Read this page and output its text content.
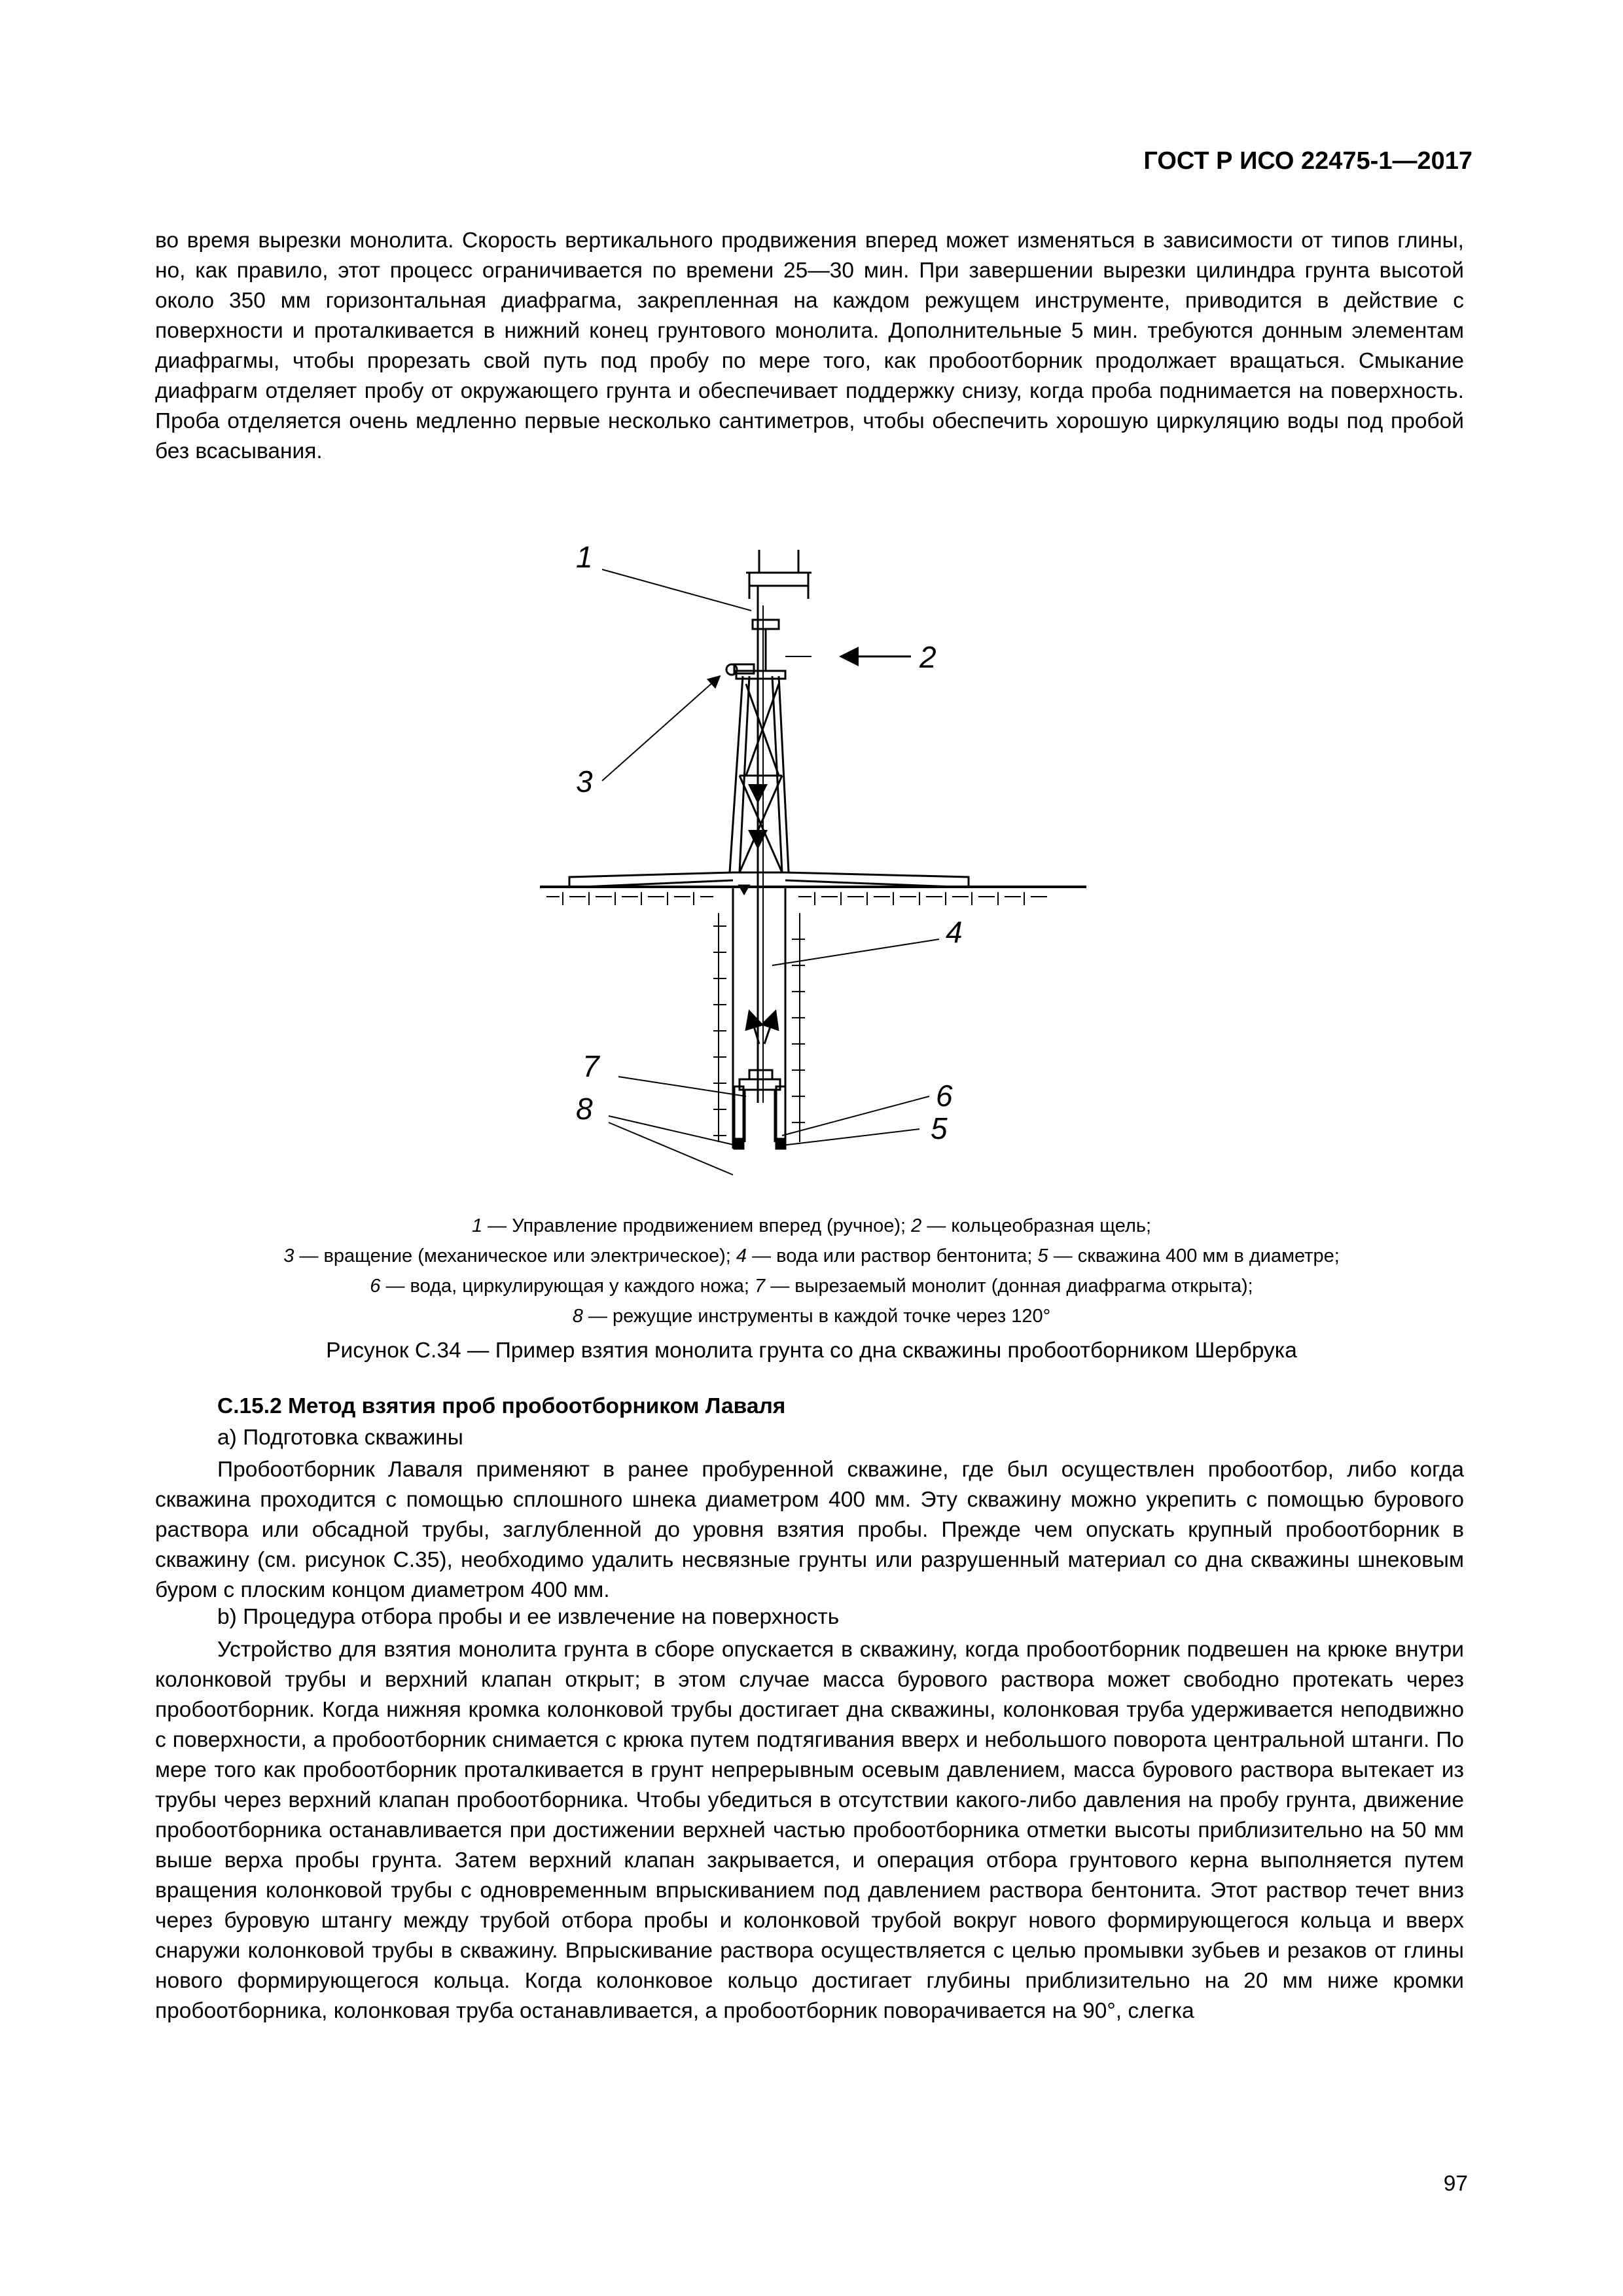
ГОСТ Р ИСО 22475-1—2017

во время вырезки монолита. Скорость вертикального продвижения вперед может изменяться в зависимости от типов глины, но, как правило, этот процесс ограничивается по времени 25—30 мин. При завершении вырезки цилиндра грунта высотой около 350 мм горизонтальная диафрагма, закрепленная на каждом режущем инструменте, приводится в действие с поверхности и проталкивается в нижний конец грунтового монолита. Дополнительные 5 мин. требуются донным элементам диафрагмы, чтобы прорезать свой путь под пробу по мере того, как пробоотборник продолжает вращаться. Смыкание диафрагм отделяет пробу от окружающего грунта и обеспечивает поддержку снизу, когда проба поднимается на поверхность. Проба отделяется очень медленно первые несколько сантиметров, чтобы обеспечить хорошую циркуляцию воды под пробой без всасывания.

1
2
3
4
5
6
7
8

1 — Управление продвижением вперед (ручное); 2 — кольцеобразная щель;
3 — вращение (механическое или электрическое); 4 — вода или раствор бентонита; 5 — скважина 400 мм в диаметре;
6 — вода, циркулирующая у каждого ножа; 7 — вырезаемый монолит (донная диафрагма открыта);
8 — режущие инструменты в каждой точке через 120°

Рисунок С.34 — Пример взятия монолита грунта со дна скважины пробоотборником Шербрука
С.15.2 Метод взятия проб пробоотборником Лаваля
а) Подготовка скважины

Пробоотборник Лаваля применяют в ранее пробуренной скважине, где был осуществлен пробоотбор, либо когда скважина проходится с помощью сплошного шнека диаметром 400 мм. Эту скважину можно укрепить с помощью бурового раствора или обсадной трубы, заглубленной до уровня взятия пробы. Прежде чем опускать крупный пробоотборник в скважину (см. рисунок С.35), необходимо удалить несвязные грунты или разрушенный материал со дна скважины шнековым буром с плоским концом диаметром 400 мм.

b) Процедура отбора пробы и ее извлечение на поверхность

Устройство для взятия монолита грунта в сборе опускается в скважину, когда пробоотборник подвешен на крюке внутри колонковой трубы и верхний клапан открыт; в этом случае масса бурового раствора может свободно протекать через пробоотборник. Когда нижняя кромка колонковой трубы достигает дна скважины, колонковая труба удерживается неподвижно с поверхности, а пробоотборник снимается с крюка путем подтягивания вверх и небольшого поворота центральной штанги. По мере того как пробоотборник проталкивается в грунт непрерывным осевым давлением, масса бурового раствора вытекает из трубы через верхний клапан пробоотборника. Чтобы убедиться в отсутствии какого-либо давления на пробу грунта, движение пробоотборника останавливается при достижении верхней частью пробоотборника отметки высоты приблизительно на 50 мм выше верха пробы грунта. Затем верхний клапан закрывается, и операция отбора грунтового керна выполняется путем вращения колонковой трубы с одновременным впрыскиванием под давлением раствора бентонита. Этот раствор течет вниз через буровую штангу между трубой отбора пробы и колонковой трубой вокруг нового формирующегося кольца и вверх снаружи колонковой трубы в скважину. Впрыскивание раствора осуществляется с целью промывки зубьев и резаков от глины нового формирующегося кольца. Когда колонковое кольцо достигает глубины приблизительно на 20 мм ниже кромки пробоотборника, колонковая труба останавливается, а пробоотборник поворачивается на 90°, слегка

97
